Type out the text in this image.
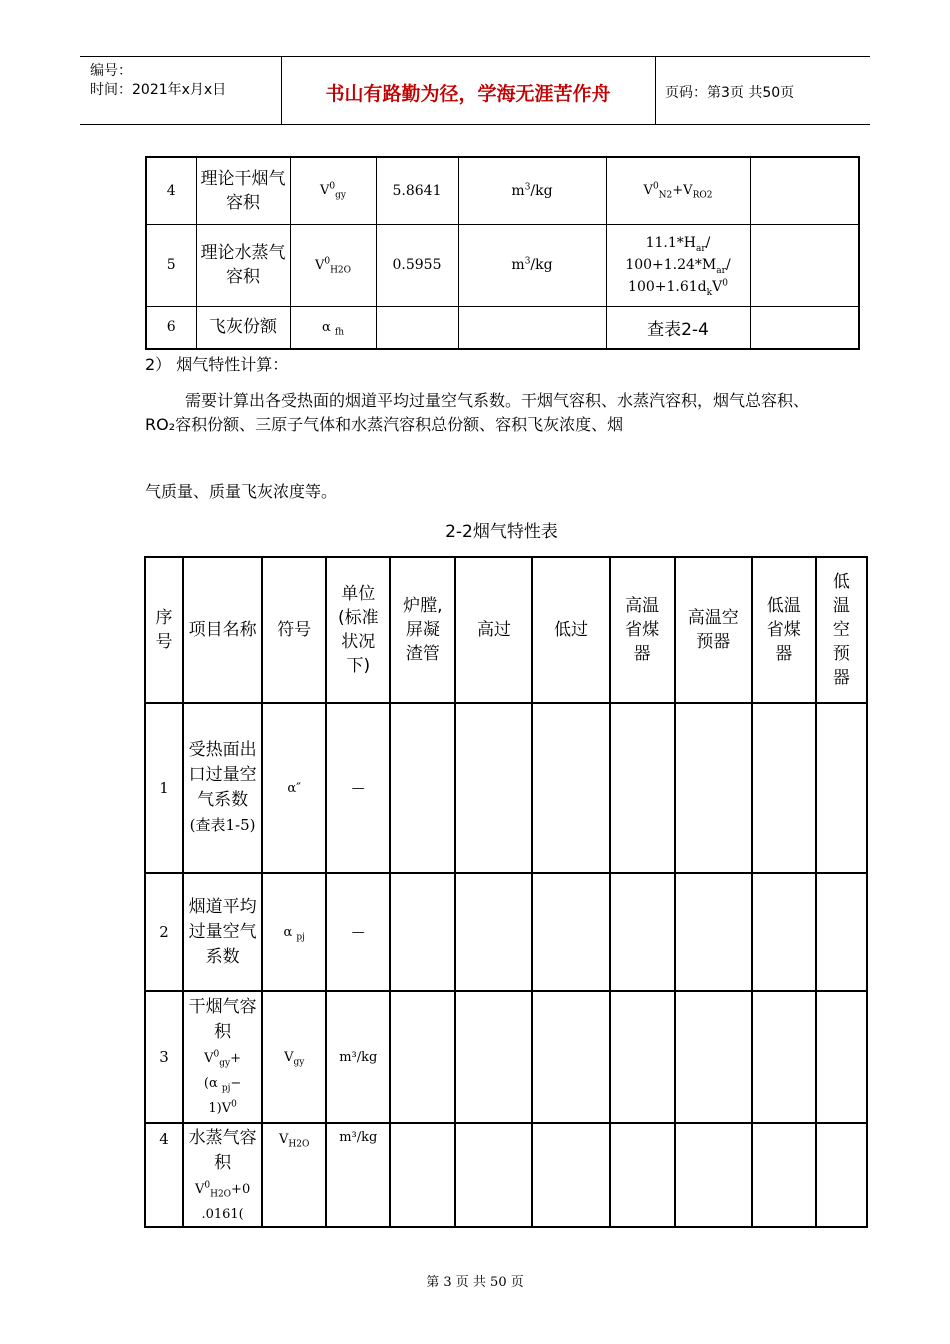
编号：
时间：2021年x月x日	书山有路勤为径，学海无涯苦作舟	页码：第3页 共50页
4	理论干烟气容积	$V^0_{gy}$	5.8641	$m^3/kg$	$V^0_{N2}+V_{RO2}$	
5	理论水蒸气容积	$V^0_{H2O}$	0.5955	$m^3/kg$	$11.1*H_{ar}/$
$100+1.24*M_{ar}/$
$100+1.61d_kV^0$	
6	飞灰份额	α $_{fh}$			查表2-4	
2） 烟气特性计算：
需要计算出各受热面的烟道平均过量空气系数。干烟气容积、水蒸汽容积，烟气总容积、RO₂容积份额、三原子气体和水蒸汽容积总份额、容积飞灰浓度、烟
气质量、质量飞灰浓度等。
2-2烟气特性表
序号	项目名称	符号	单位(标准状况下)	炉膛,屏凝渣管	高过	低过	高温省煤器	高温空预器	低温省煤器	低温空预器
1	受热面出口过量空气系数
(查表1-5)	α″	—							
2	烟道平均过量空气系数	α $_{pj}$	—							
3	干烟气容积
$V^0_{gy}+$
(α $_{pj}$−
$1)V^0$	$V_{gy}$	m³/kg							
4	水蒸气容积
$V^0_{H2O}+0$
.0161(	$V_{H2O}$	m³/kg							
第 3 页 共 50 页
